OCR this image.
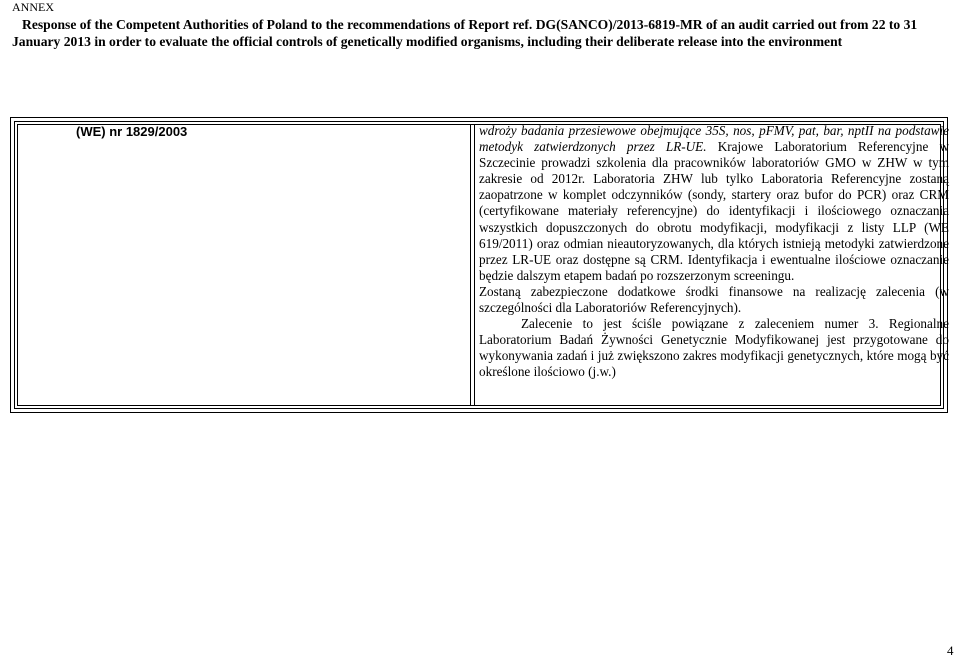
ANNEX
Response of the Competent Authorities of Poland to the recommendations of Report ref. DG(SANCO)/2013-6819-MR of an audit carried out from 22 to 31 January 2013 in order to evaluate the official controls of genetically modified organisms, including their deliberate release into the environment
(WE) nr 1829/2003	wdrożу badania przesiewowe obejmujące 35S, nos, pFMV, pat, bar, nptII na podstawie metodyk zatwierdzonych przez LR-UE. Krajowe Laboratorium Referencyjne w Szczecinie prowadzi szkolenia dla pracowników laboratoriów GMO w ZHW w tym zakresie od 2012r. Laboratoria ZHW lub tylko Laboratoria Referencyjne zostaną zaopatrzone w komplet odczynników (sondy, startery oraz bufor do PCR) oraz CRM (certyfikowane materiały referencyjne) do identyfikacji i ilościowego oznaczania wszystkich dopuszczonych do obrotu modyfikacji, modyfikacji z listy LLP (WE 619/2011) oraz odmian nieautoryzowanych, dla których istnieją metodyki zatwierdzone przez LR-UE oraz dostępne są CRM. Identyfikacja i ewentualne ilościowe oznaczanie będzie dalszym etapem badań po rozszerzonym screeningu.

Zostaną zabezpieczone dodatkowe środki finansowe na realizację zalecenia (w szczególności dla Laboratoriów Referencyjnych).

Zalecenie to jest ściśle powiązane z zaleceniem numer 3. Regionalne Laboratorium Badań Żywności Genetycznie Modyfikowanej jest przygotowane do wykonywania zadań i już zwiększono zakres modyfikacji genetycznych, które mogą być określone ilościowo (j.w.)

4
